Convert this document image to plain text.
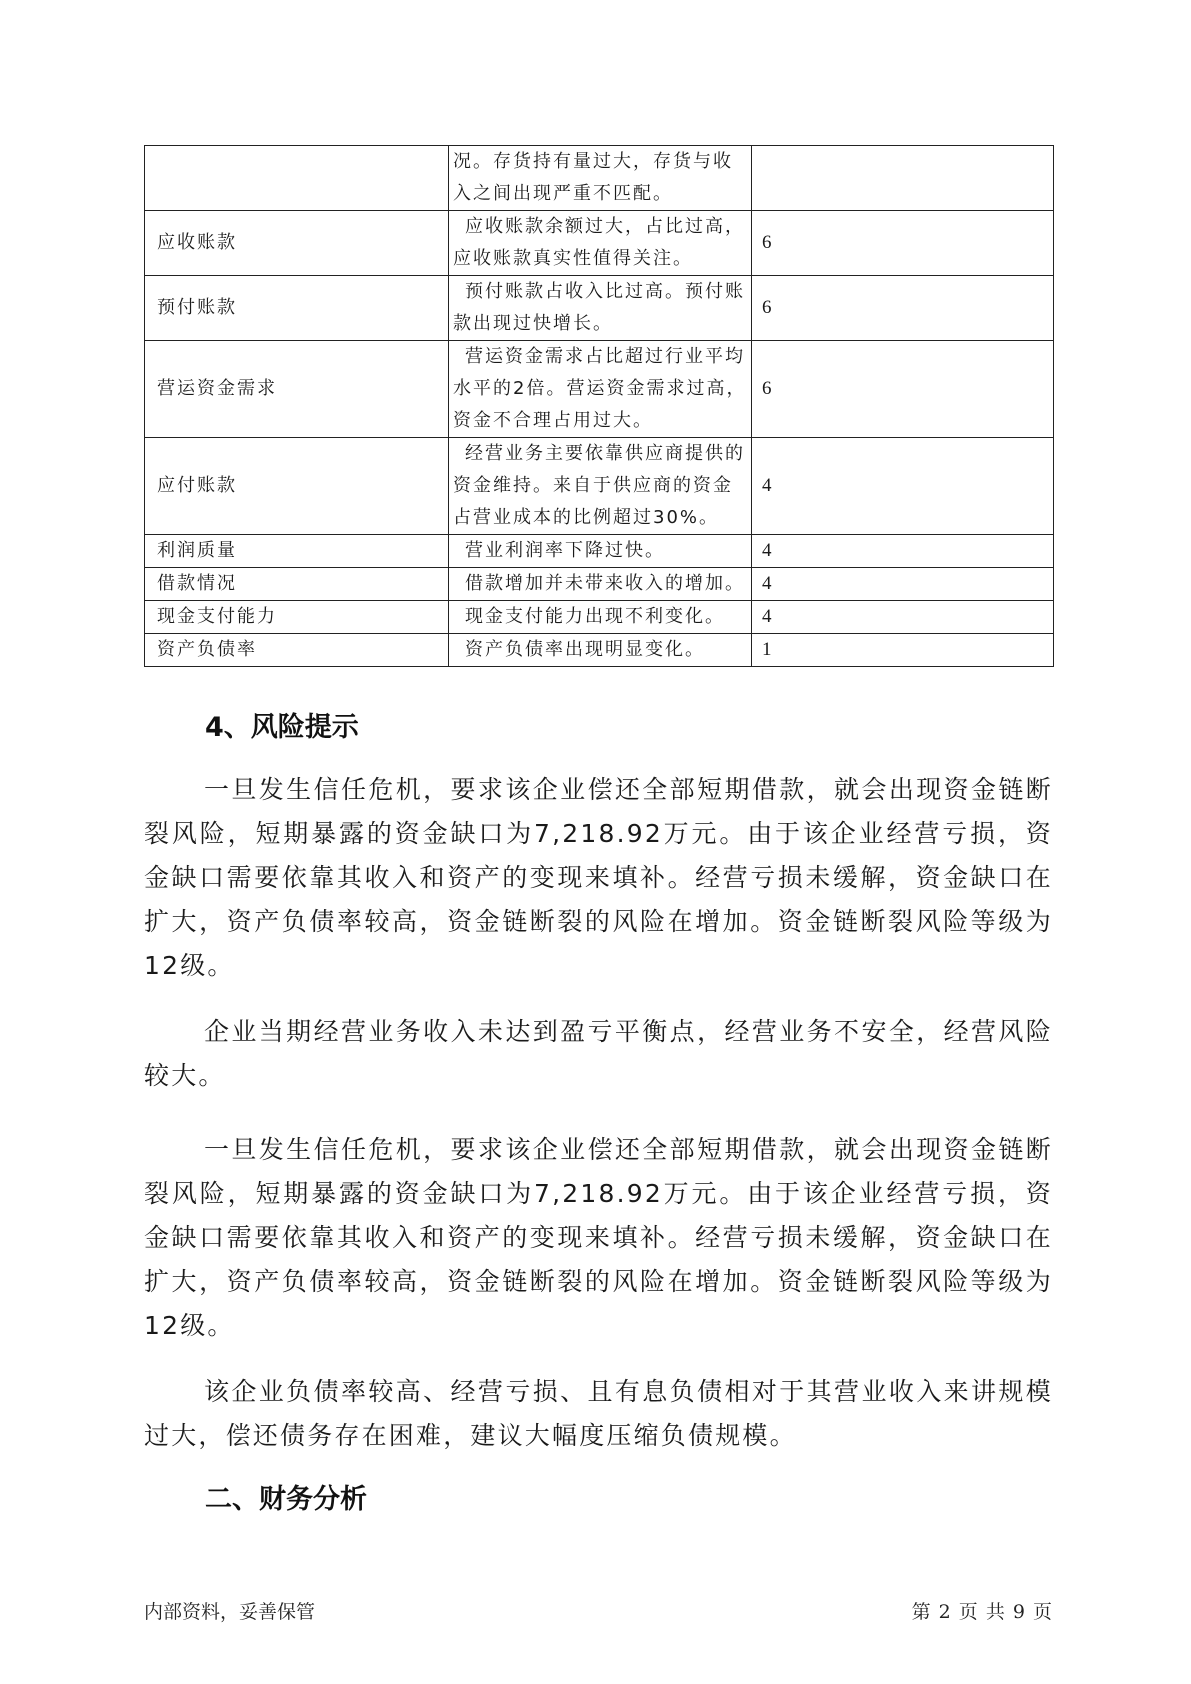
	况。存货持有量过大，存货与收入之间出现严重不匹配。	
应收账款	应收账款余额过大，占比过高，应收账款真实性值得关注。	6
预付账款	预付账款占收入比过高。预付账款出现过快增长。	6
营运资金需求	营运资金需求占比超过行业平均水平的2倍。营运资金需求过高，资金不合理占用过大。	6
应付账款	经营业务主要依靠供应商提供的资金维持。来自于供应商的资金占营业成本的比例超过30%。	4
利润质量	营业利润率下降过快。	4
借款情况	借款增加并未带来收入的增加。	4
现金支付能力	现金支付能力出现不利变化。	4
资产负债率	资产负债率出现明显变化。	1
4、风险提示

一旦发生信任危机，要求该企业偿还全部短期借款，就会出现资金链断裂风险，短期暴露的资金缺口为7,218.92万元。由于该企业经营亏损，资金缺口需要依靠其收入和资产的变现来填补。经营亏损未缓解，资金缺口在扩大，资产负债率较高，资金链断裂的风险在增加。资金链断裂风险等级为12级。

企业当期经营业务收入未达到盈亏平衡点，经营业务不安全，经营风险较大。

一旦发生信任危机，要求该企业偿还全部短期借款，就会出现资金链断裂风险，短期暴露的资金缺口为7,218.92万元。由于该企业经营亏损，资金缺口需要依靠其收入和资产的变现来填补。经营亏损未缓解，资金缺口在扩大，资产负债率较高，资金链断裂的风险在增加。资金链断裂风险等级为12级。

该企业负债率较高、经营亏损、且有息负债相对于其营业收入来讲规模过大，偿还债务存在困难，建议大幅度压缩负债规模。

二、财务分析
内部资料，妥善保管	第 2 页 共 9 页
